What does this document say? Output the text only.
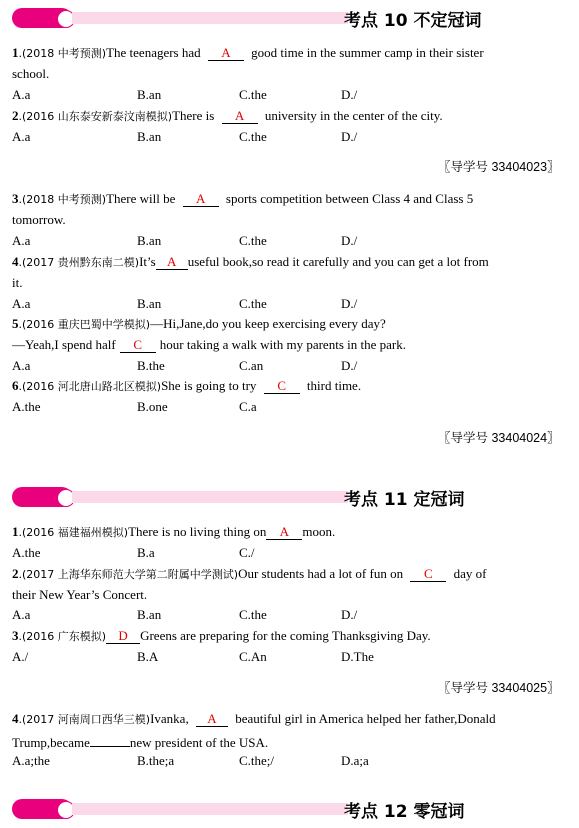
考点 10 不定冠词
1.(2018 中考预测)The teenagers had A good time in the summer camp in their sister
school.
A.a	B.an	C.the	D./
2.(2016 山东泰安新泰汶南模拟)There is A university in the center of the city.
A.a	B.an	C.the	D./
〖导学号 33404023〗
3.(2018 中考预测)There will be A sports competition between Class 4 and Class 5
tomorrow.
A.a	B.an	C.the	D./
4.(2017 贵州黔东南二模)It’s A useful book,so read it carefully and you can get a lot from
it.
A.a	B.an	C.the	D./
5.(2016 重庆巴蜀中学模拟)—Hi,Jane,do you keep exercising every day?
—Yeah,I spend half C hour taking a walk with my parents in the park.
A.a	B.the	C.an	D./
6.(2016 河北唐山路北区模拟)She is going to try C third time.
A.the	B.one	C.a
〖导学号 33404024〗
考点 11 定冠词
1.(2016 福建福州模拟)There is no living thing on A moon.
A.the	B.a	C./
2.(2017 上海华东师范大学第二附属中学测试)Our students had a lot of fun on C day of
their New Year’s Concert.
A.a	B.an	C.the	D./
3.(2016 广东模拟) D Greens are preparing for the coming Thanksgiving Day.
A./	B.A	C.An	D.The
〖导学号 33404025〗
4.(2017 河南周口西华三模)Ivanka, A beautiful girl in America helped her father,Donald
Trump,became	new president of the USA.
A.a;the	B.the;a	C.the;/	D.a;a
考点 12 零冠词
